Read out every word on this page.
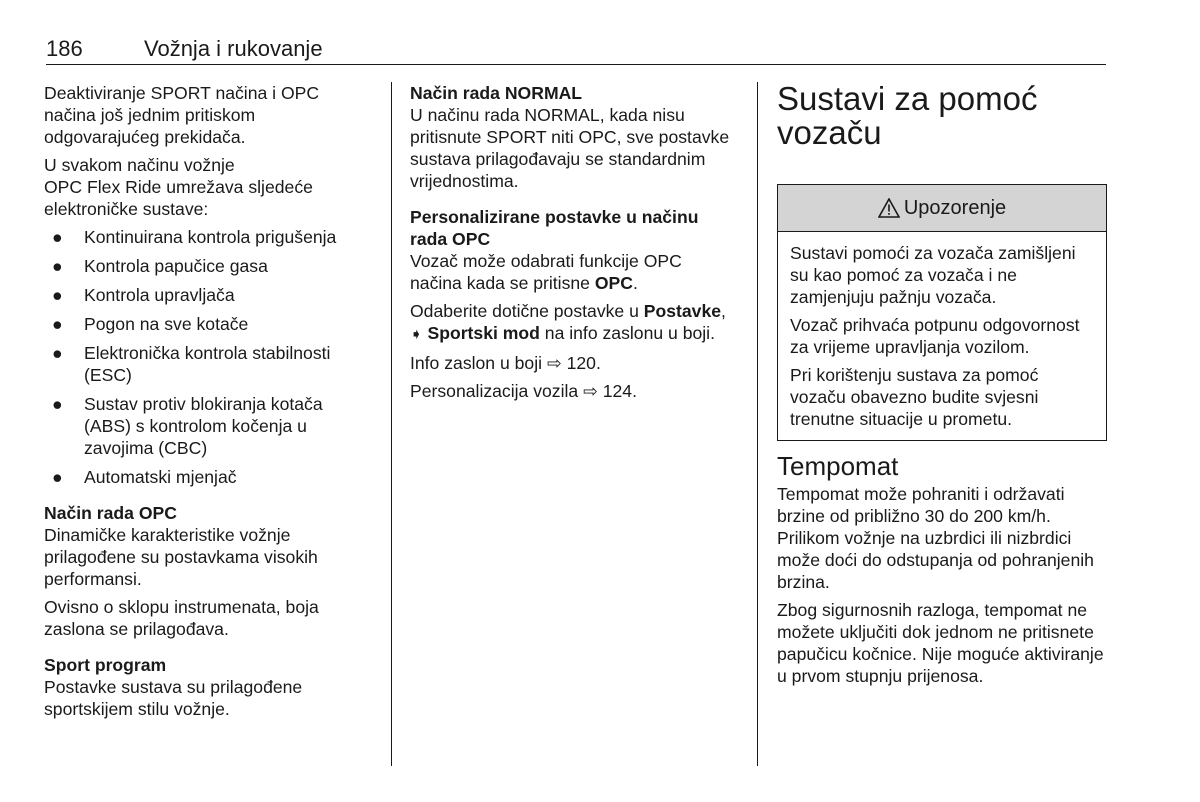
186	Vožnja i rukovanje

Deaktiviranje SPORT načina i OPC načina još jednim pritiskom odgovarajućeg prekidača.

U svakom načinu vožnje
OPC Flex Ride umrežava sljedeće elektroničke sustave:

● Kontinuirana kontrola prigušenja
● Kontrola papučice gasa
● Kontrola upravljača
● Pogon na sve kotače
● Elektronička kontrola stabilnosti (ESC)
● Sustav protiv blokiranja kotača (ABS) s kontrolom kočenja u zavojima (CBC)
● Automatski mjenjač
Način rada OPC

Dinamičke karakteristike vožnje prilagođene su postavkama visokih performansi.

Ovisno o sklopu instrumenata, boja zaslona se prilagođava.

Sport program

Postavke sustava su prilagođene sportskijem stilu vožnje.

Način rada NORMAL

U načinu rada NORMAL, kada nisu pritisnute SPORT niti OPC, sve postavke sustava prilagođavaju se standardnim vrijednostima.

Personalizirane postavke u načinu rada OPC

Vozač može odabrati funkcije OPC načina kada se pritisne OPC.

Odaberite dotične postavke u Postavke, ➧ Sportski mod na info zaslonu u boji.

Info zaslon u boji ⇨ 120.

Personalizacija vozila ⇨ 124.

Sustavi za pomoć
vozaču
Upozorenje

Sustavi pomoći za vozača zamišljeni su kao pomoć za vozača i ne zamjenjuju pažnju vozača.

Vozač prihvaća potpunu odgovornost za vrijeme upravljanja vozilom.

Pri korištenju sustava za pomoć vozaču obavezno budite svjesni trenutne situacije u prometu.

Tempomat

Tempomat može pohraniti i održavati brzine od približno 30 do 200 km/h. Prilikom vožnje na uzbrdici ili nizbrdici može doći do odstupanja od pohranjenih brzina.

Zbog sigurnosnih razloga, tempomat ne možete uključiti dok jednom ne pritisnete papučicu kočnice. Nije moguće aktiviranje u prvom stupnju prijenosa.
